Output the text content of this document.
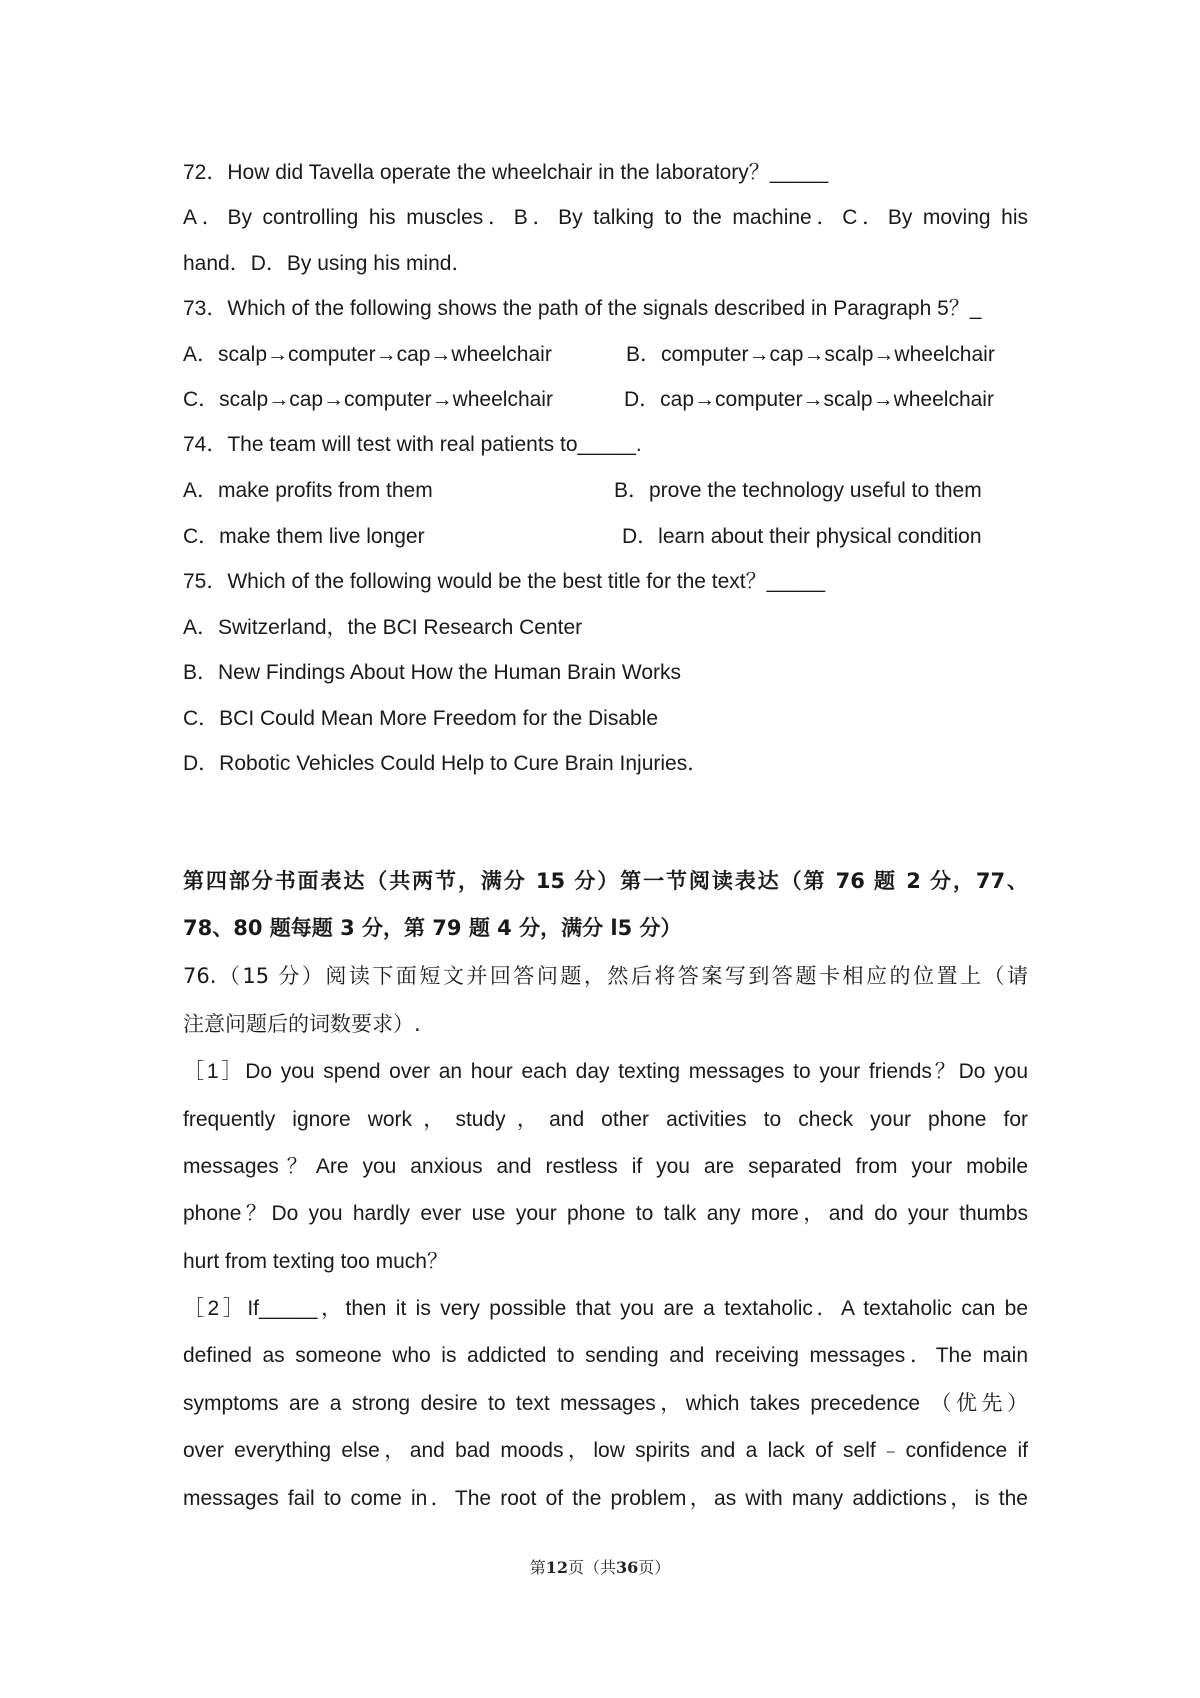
72．How did Tavella operate the wheelchair in the laboratory？_____
A．By controlling his muscles．B．By talking to the machine．C．By moving his
hand．D．By using his mind．
73．Which of the following shows the path of the signals described in Paragraph 5？_
A．scalp→computer→cap→wheelchair	B．computer→cap→scalp→wheelchair
C．scalp→cap→computer→wheelchair	D．cap→computer→scalp→wheelchair
74．The team will test with real patients to_____.
A．make profits from them	B．prove the technology useful to them
C．make them live longer	D．learn about their physical condition
75．Which of the following would be the best title for the text？_____
A．Switzerland，the BCI Research Center
B．New Findings About How the Human Brain Works
C．BCI Could Mean More Freedom for the Disable
D．Robotic Vehicles Could Help to Cure Brain Injuries．
第四部分书面表达（共两节，满分 15 分）第一节阅读表达（第 76 题 2 分，77、
78、80 题每题 3 分，第 79 题 4 分，满分 l5 分）
76.（15 分）阅读下面短文并回答问题，然后将答案写到答题卡相应的位置上（请
注意问题后的词数要求）.
［1］Do you spend over an hour each day texting messages to your friends？Do you
frequently ignore work，study，and other activities to check your phone for
messages？Are you anxious and restless if you are separated from your mobile
phone？Do you hardly ever use your phone to talk any more，and do your thumbs
hurt from texting too much？
［2］If_____，then it is very possible that you are a textaholic．A textaholic can be
defined as someone who is addicted to sending and receiving messages．The main
symptoms are a strong desire to text messages，which takes precedence （优先）
over everything else，and bad moods，low spirits and a lack of self﹣confidence if
messages fail to come in．The root of the problem，as with many addictions，is the
第12页（共36页）
